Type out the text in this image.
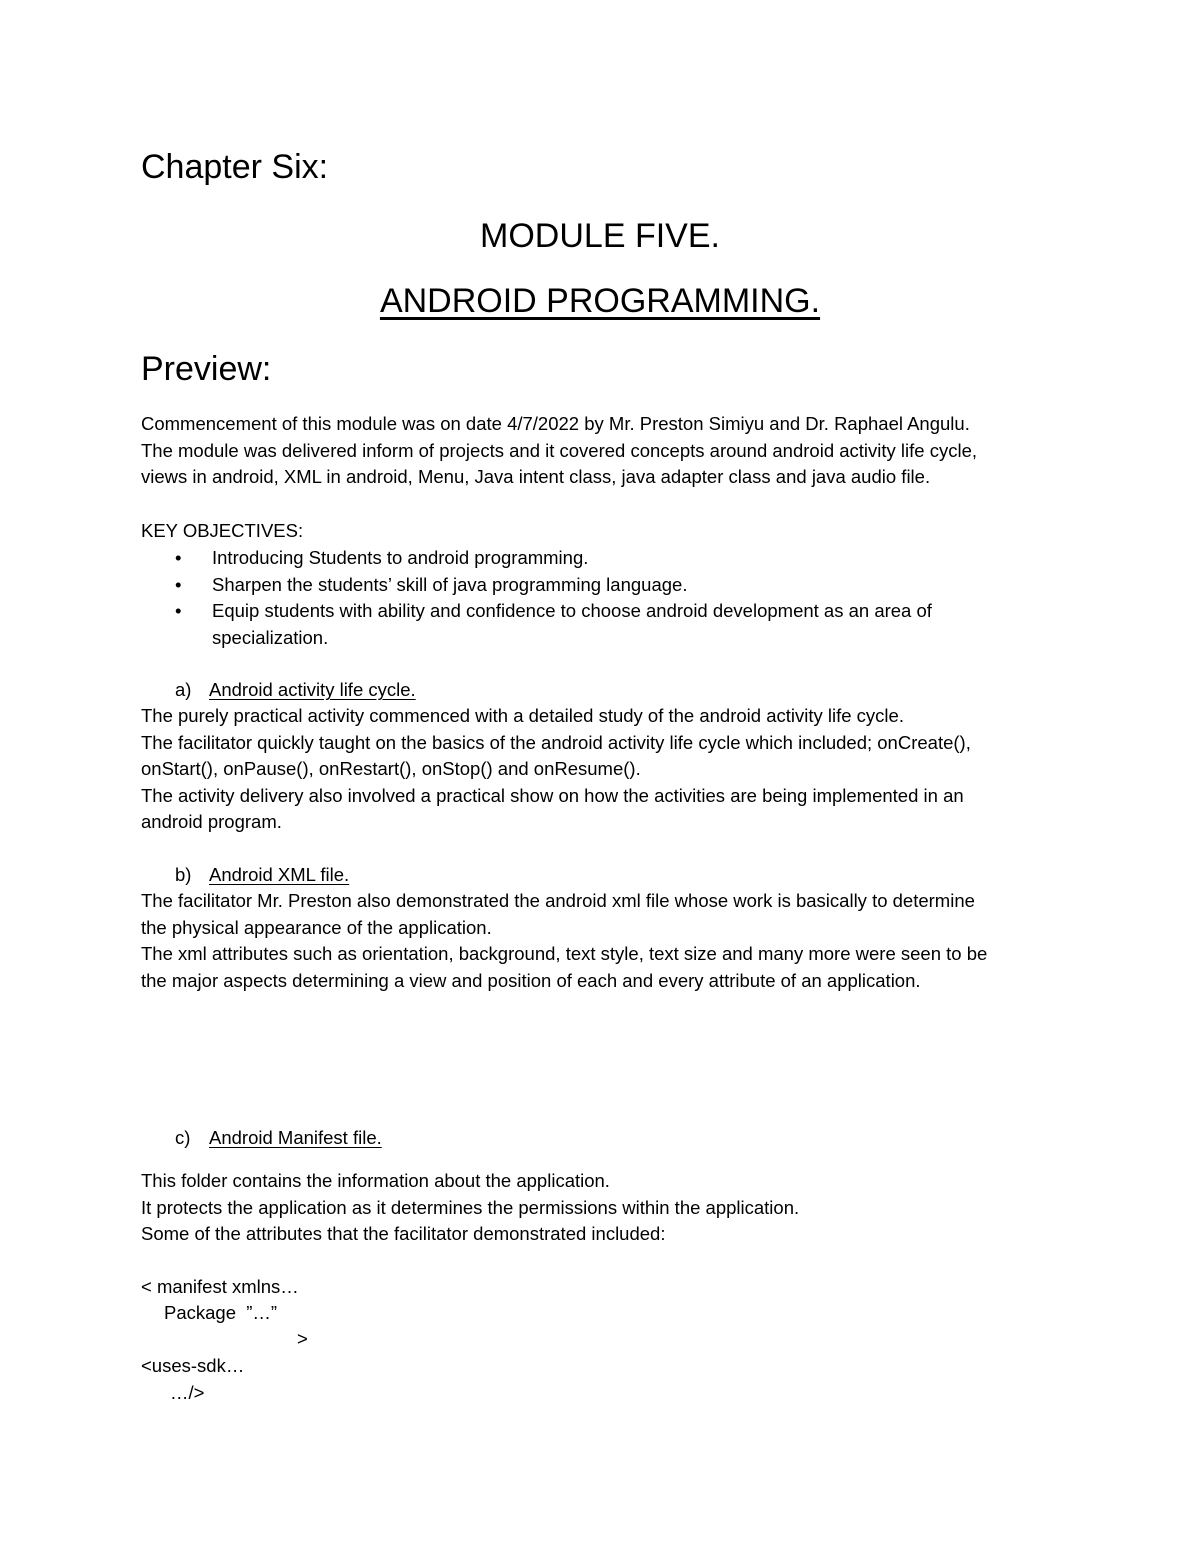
Chapter Six:
MODULE FIVE.
ANDROID PROGRAMMING.
Preview:
Commencement of this module was on date 4/7/2022 by Mr. Preston Simiyu and Dr. Raphael Angulu.
The module was delivered inform of projects and it covered concepts around android activity life cycle,
views in android, XML in android, Menu, Java intent class, java adapter class and java audio file.
KEY OBJECTIVES:
• Introducing Students to android programming.
• Sharpen the students’ skill of java programming language.
• Equip students with ability and confidence to choose android development as an area of
specialization.
a) Android activity life cycle.
The purely practical activity commenced with a detailed study of the android activity life cycle.
The facilitator quickly taught on the basics of the android activity life cycle which included; onCreate(),
onStart(), onPause(), onRestart(), onStop() and onResume().
The activity delivery also involved a practical show on how the activities are being implemented in an
android program.
b) Android XML file.
The facilitator Mr. Preston also demonstrated the android xml file whose work is basically to determine
the physical appearance of the application.
The xml attributes such as orientation, background, text style, text size and many more were seen to be
the major aspects determining a view and position of each and every attribute of an application.
c) Android Manifest file.
This folder contains the information about the application.
It protects the application as it determines the permissions within the application.
Some of the attributes that the facilitator demonstrated included:
< manifest xmlns…
Package  ”…”
>
<uses-sdk…
…/>
